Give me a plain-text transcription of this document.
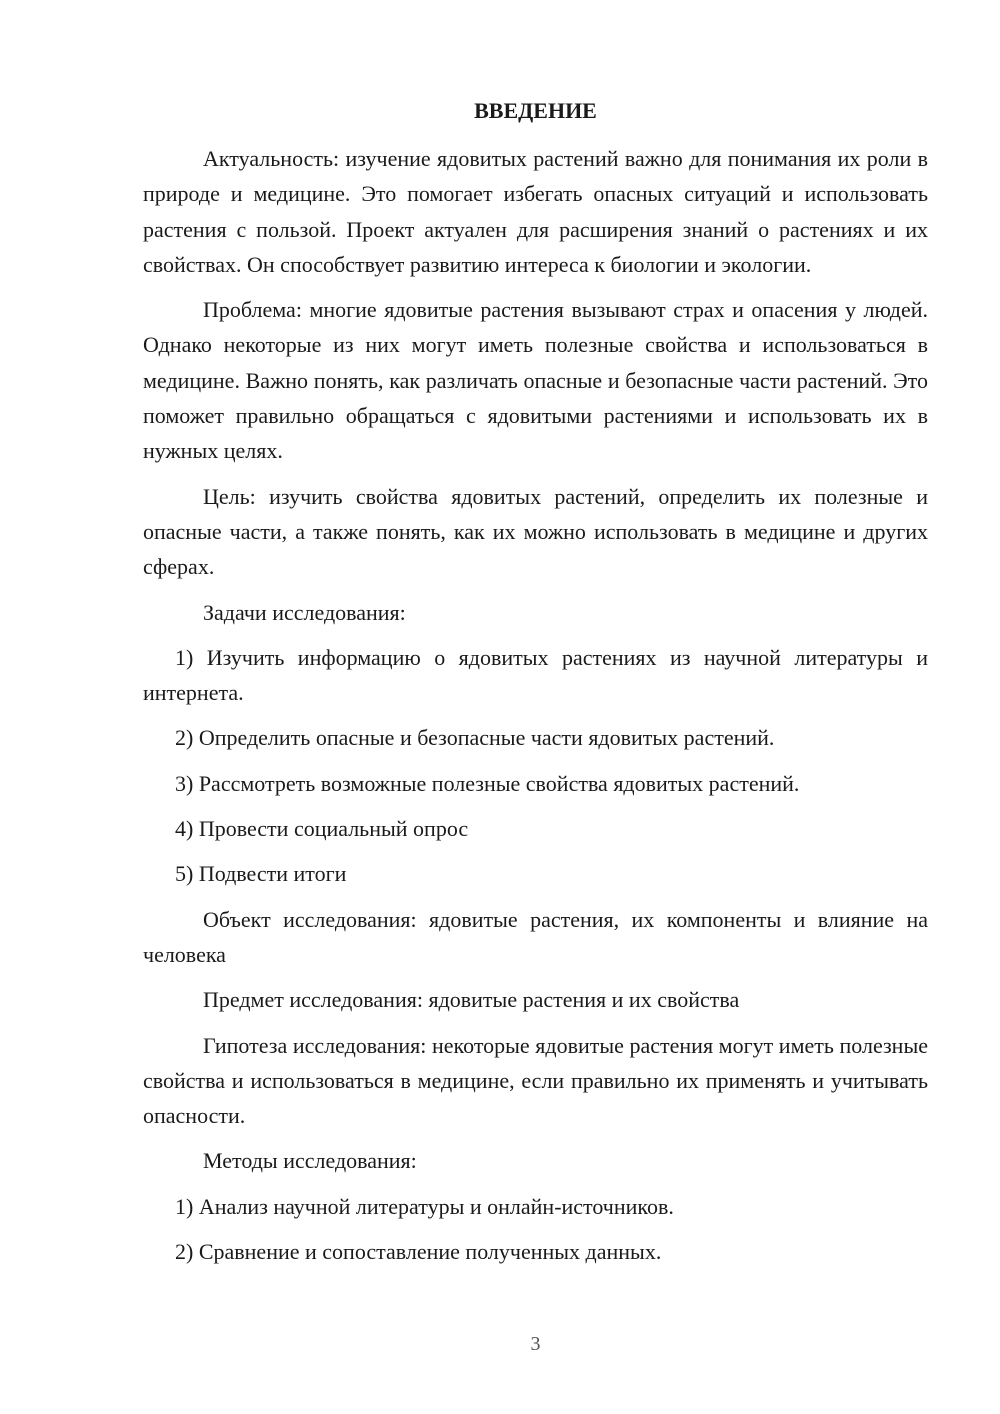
ВВЕДЕНИЕ

Актуальность: изучение ядовитых растений важно для понимания их роли в природе и медицине. Это помогает избегать опасных ситуаций и использовать растения с пользой. Проект актуален для расширения знаний о растениях и их свойствах. Он способствует развитию интереса к биологии и экологии.

Проблема: многие ядовитые растения вызывают страх и опасения у людей. Однако некоторые из них могут иметь полезные свойства и использоваться в медицине. Важно понять, как различать опасные и безопасные части растений. Это поможет правильно обращаться с ядовитыми растениями и использовать их в нужных целях.

Цель: изучить свойства ядовитых растений, определить их полезные и опасные части, а также понять, как их можно использовать в медицине и других сферах.

Задачи исследования:

1) Изучить информацию о ядовитых растениях из научной литературы и интернета.

2) Определить опасные и безопасные части ядовитых растений.

3) Рассмотреть возможные полезные свойства ядовитых растений.

4) Провести социальный опрос

5) Подвести итоги

Объект исследования: ядовитые растения, их компоненты и влияние на человека

Предмет исследования: ядовитые растения и их свойства

Гипотеза исследования: некоторые ядовитые растения могут иметь полезные свойства и использоваться в медицине, если правильно их применять и учитывать опасности.

Методы исследования:

1) Анализ научной литературы и онлайн-источников.

2) Сравнение и сопоставление полученных данных.

3
